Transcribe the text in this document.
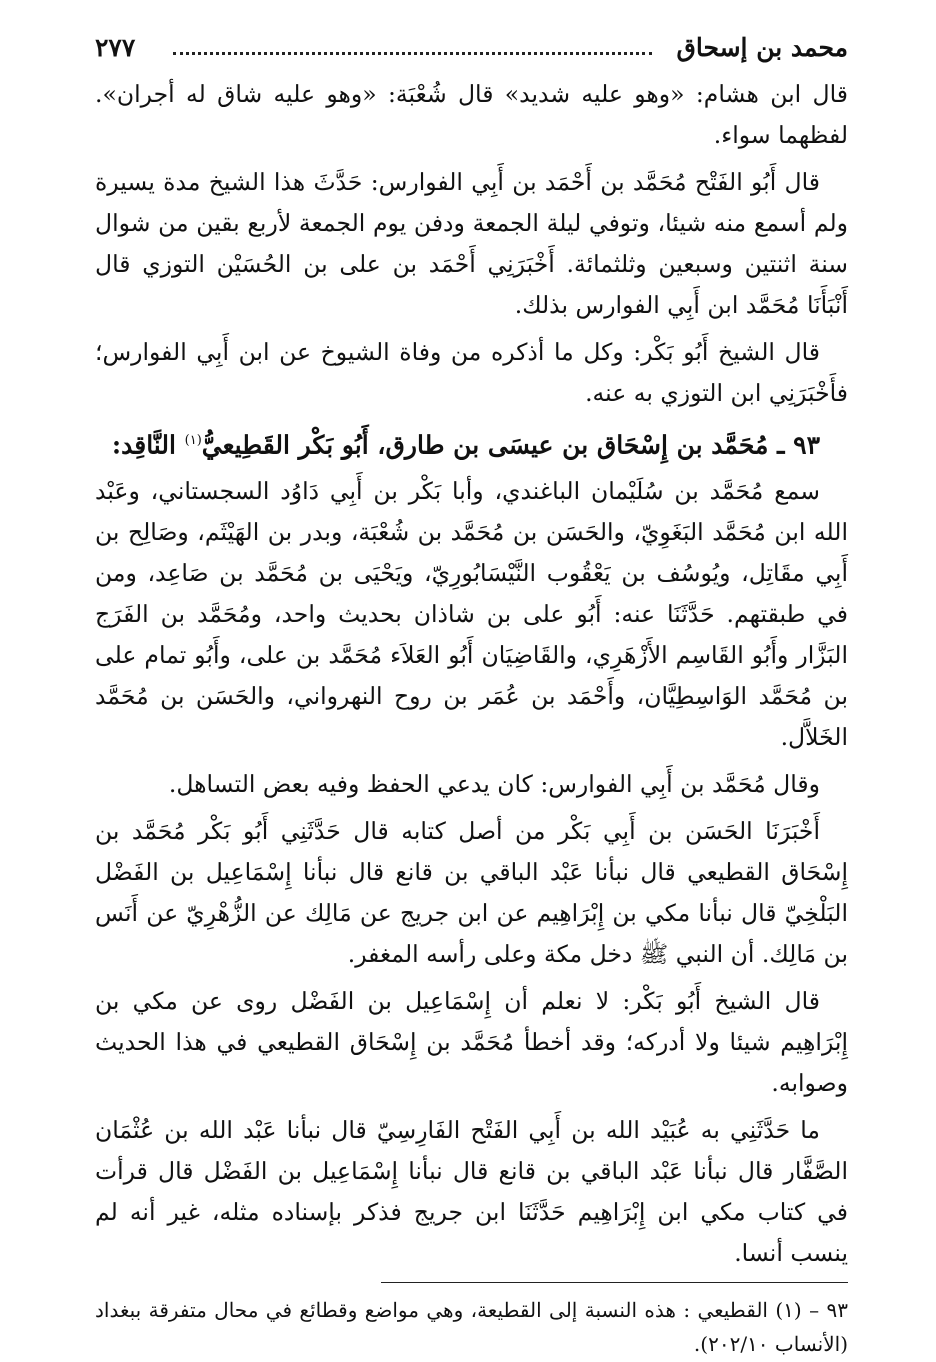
محمد بن إسحاق
٢٧٧

قال ابن هشام: «وهو عليه شديد» قال شُعْبَة: «وهو عليه شاق له أجران». لفظهما سواء.

قال أَبُو الفَتْح مُحَمَّد بن أَحْمَد بن أَبِي الفوارس: حَدَّثَ هذا الشيخ مدة يسيرة ولم أسمع منه شيئا، وتوفي ليلة الجمعة ودفن يوم الجمعة لأربع بقين من شوال سنة اثنتين وسبعين وثلثمائة. أَخْبَرَنِي أَحْمَد بن على بن الحُسَيْن التوزي قال أَنْبَأَنَا مُحَمَّد ابن أَبِي الفوارس بذلك.

قال الشيخ أَبُو بَكْر: وكل ما أذكره من وفاة الشيوخ عن ابن أَبِي الفوارس؛ فأَخْبَرَنِي ابن التوزي به عنه.

٩٣ ـ مُحَمَّد بن إِسْحَاق بن عيسَى بن طارق، أَبُو بَكْر القَطِيعيُّ$^{(١)}$ النَّاقِد:

سمع مُحَمَّد بن سُلَيْمان الباغندي، وأبا بَكْر بن أَبِي دَاوُد السجستاني، وعَبْد الله ابن مُحَمَّد البَغَوِيّ، والحَسَن بن مُحَمَّد بن شُعْبَة، وبدر بن الهَيْثَم، وصَالِح بن أَبِي مقَاتِل، ويُوسُف بن يَعْقُوب النَّيْسَابُورِيّ، ويَحْيَى بن مُحَمَّد بن صَاعِد، ومن في طبقتهم. حَدَّثَنَا عنه: أَبُو على بن شاذان بحديث واحد، ومُحَمَّد بن الفَرَج البَزَّار وأَبُو القَاسِم الأَزْهَرِي، والقَاضِيَان أَبُو العَلاَء مُحَمَّد بن على، وأَبُو تمام على بن مُحَمَّد الوَاسِطِيَّان، وأَحْمَد بن عُمَر بن روح النهرواني، والحَسَن بن مُحَمَّد الخَلاَّل.

وقال مُحَمَّد بن أَبِي الفوارس: كان يدعي الحفظ وفيه بعض التساهل.

أَخْبَرَنَا الحَسَن بن أَبِي بَكْر من أصل كتابه قال حَدَّثَنِي أَبُو بَكْر مُحَمَّد بن إِسْحَاق القطيعي قال نبأنا عَبْد الباقي بن قانع قال نبأنا إِسْمَاعِيل بن الفَضْل البَلْخِيّ قال نبأنا مكي بن إِبْرَاهِيم عن ابن جريج عن مَالِك عن الزُّهْرِيّ عن أَنَس بن مَالِك. أن النبي ﷺ دخل مكة وعلى رأسه المغفر.

قال الشيخ أَبُو بَكْر: لا نعلم أن إِسْمَاعِيل بن الفَضْل روى عن مكي بن إِبْرَاهِيم شيئا ولا أدركه؛ وقد أخطأ مُحَمَّد بن إِسْحَاق القطيعي في هذا الحديث وصوابه.

ما حَدَّثَنِي به عُبَيْد الله بن أَبِي الفَتْح الفَارِسِيّ قال نبأنا عَبْد الله بن عُثْمَان الصَّفَّار قال نبأنا عَبْد الباقي بن قانع قال نبأنا إِسْمَاعِيل بن الفَضْل قال قرأت في كتاب مكي ابن إِبْرَاهِيم حَدَّثَنَا ابن جريج فذكر بإسناده مثله، غير أنه لم ينسب أنسا.

٩٣ – (١) القطيعي : هذه النسبة إلى القطيعة، وهي مواضع وقطائع في محال متفرقة ببغداد (الأنساب ٢٠٢/١٠).
